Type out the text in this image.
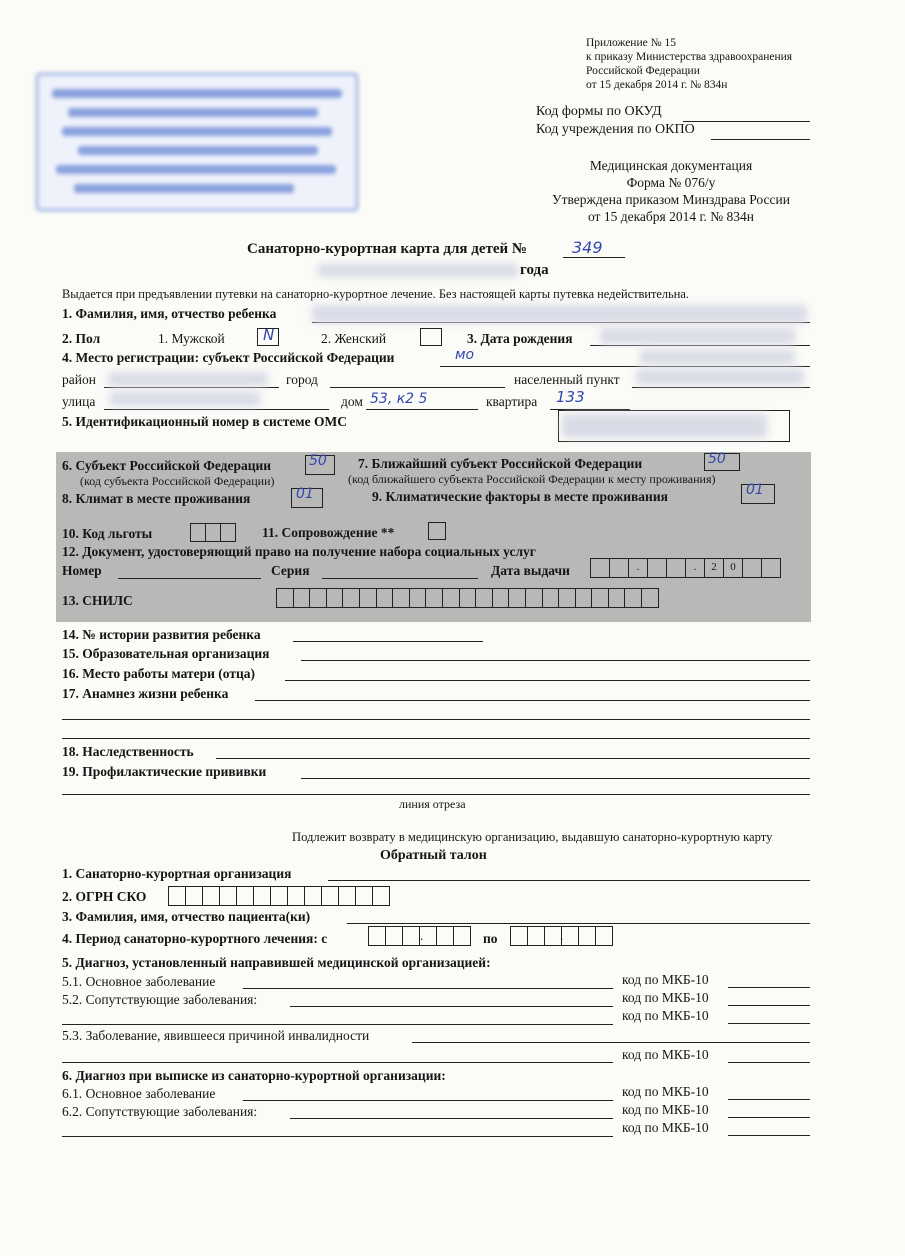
Приложение № 15
к приказу Министерства здравоохранения
Российской Федерации
от 15 декабря 2014 г. № 834н
Код формы по ОКУД
Код учреждения по ОКПО
Медицинская документация
Форма № 076/у
Утверждена приказом Минздрава России
от 15 декабря 2014 г. № 834н
Санаторно-курортная карта для детей №	349
года
Выдается при предъявлении путевки на санаторно-курортное лечение. Без настоящей карты путевка недействительна.
1. Фамилия, имя, отчество ребенка
2. Пол	1. Мужской	N	2. Женский	3. Дата рождения
4. Место регистрации: субъект Российской Федерации	мо
район	город	населенный пункт
улица	дом 53, к2 5	квартира 133
5. Идентификационный номер в системе ОМС
6. Субъект Российской Федерации	50
(код субъекта Российской Федерации)
7. Ближайший субъект Российской Федерации	50
(код ближайшего субъекта Российской Федерации к месту проживания)
8. Климат в месте проживания	01	9. Климатические факторы в месте проживания	01
10. Код льготы	11. Сопровождение **
12. Документ, удостоверяющий право на получение набора социальных услуг
Номер	Серия	Дата выдачи	.	.	2	0
13. СНИЛС
14. № истории развития ребенка
15. Образовательная организация
16. Место работы матери (отца)
17. Анамнез жизни ребенка
18. Наследственность
19. Профилактические прививки
линия отреза
Подлежит возврату в медицинскую организацию, выдавшую санаторно-курортную карту
Обратный талон
1. Санаторно-курортная организация
2. ОГРН СКО
3. Фамилия, имя, отчество пациента(ки)
4. Период санаторно-курортного лечения: с	.	по	.
5. Диагноз, установленный направившей медицинской организацией:
5.1. Основное заболевание	код по МКБ-10
5.2. Сопутствующие заболевания:	код по МКБ-10
код по МКБ-10
5.3. Заболевание, явившееся причиной инвалидности
код по МКБ-10
6. Диагноз при выписке из санаторно-курортной организации:
6.1. Основное заболевание	код по МКБ-10
6.2. Сопутствующие заболевания:	код по МКБ-10
код по МКБ-10
